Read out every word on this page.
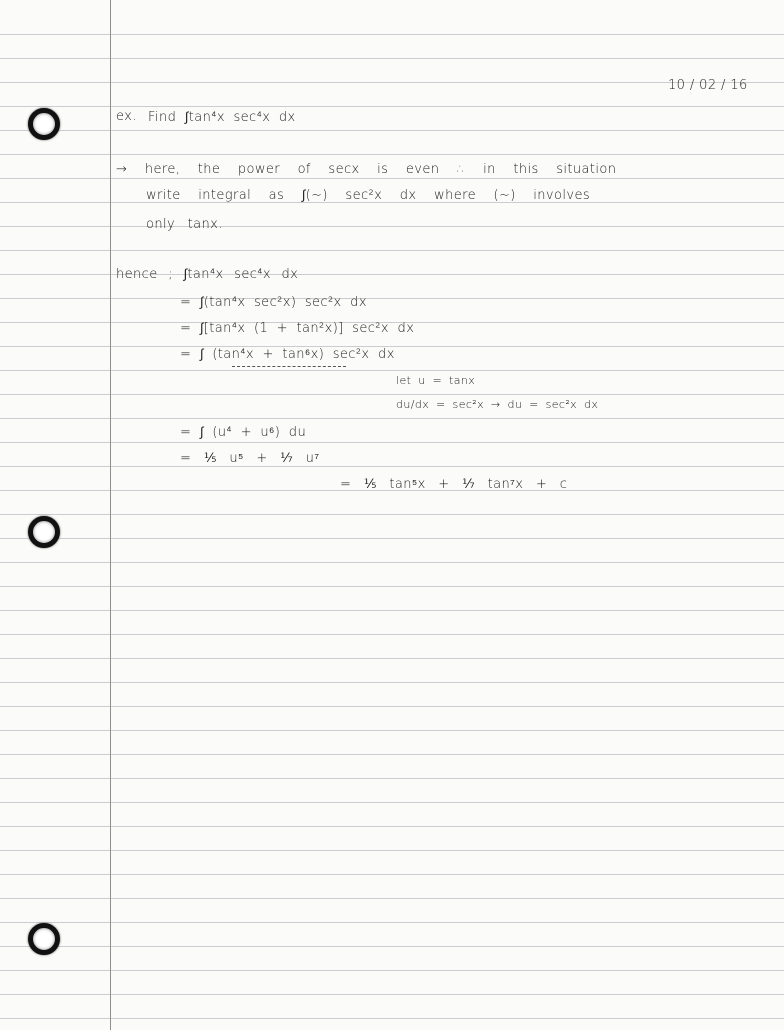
10 / 02 / 16
ex. Find ∫tan⁴x sec⁴x dx
→ here, the power of secx is even ∴ in this situation
write integral as ∫(~) sec²x dx where (~) involves
only tanx.
hence ; ∫tan⁴x sec⁴x dx
= ∫(tan⁴x sec²x) sec²x dx
= ∫[tan⁴x (1 + tan²x)] sec²x dx
= ∫ (tan⁴x + tan⁶x) sec²x dx
let u = tanx
du/dx = sec²x → du = sec²x dx
= ∫ (u⁴ + u⁶) du
= ⅕ u⁵ + ⅐ u⁷
= ⅕ tan⁵x + ⅐ tan⁷x + c
